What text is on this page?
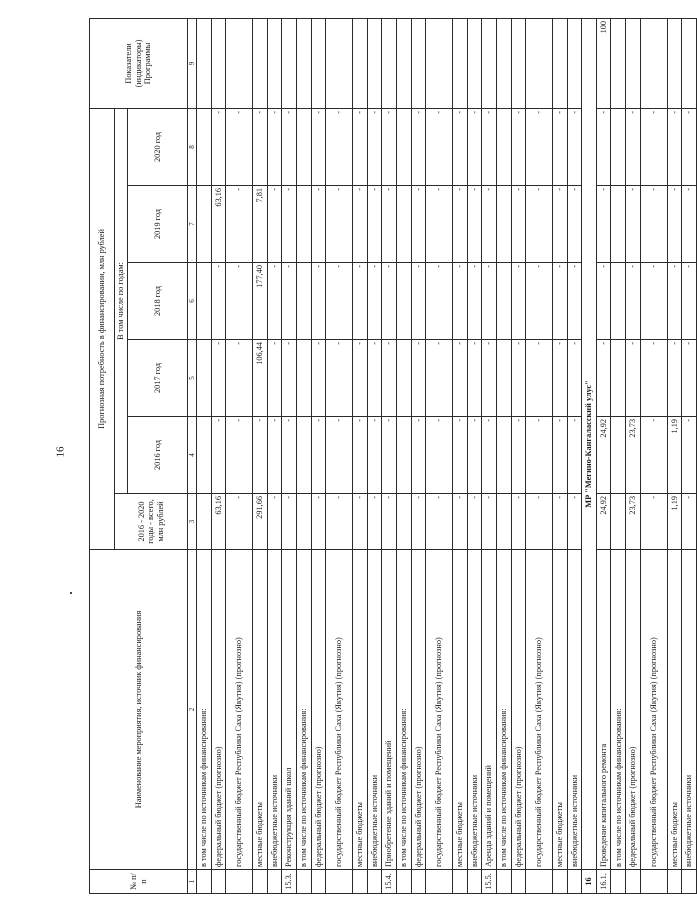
16
№ п/п	Наименование мероприятия, источник финансирования	Прогнозная потребность в финансировании, млн рублей						Показатели (индикаторы) Программы
		2016 - 2020 годы - всего, млн рублей	В том числе по годам:					
			2016 год	2017 год	2018 год	2019 год	2020 год	
1	2	3	4	5	6	7	8	9
	в том числе по источникам финансирования:							
	федеральный бюджет (прогнозно)	63,16	-	-	-	63,16	-	
	государственный бюджет Республики Саха (Якутия) (прогнозно)	-	-	-	-	-	-	
	местные бюджеты	291,66	-	106,44	177,40	7,81	-	
	внебюджетные источники	-	-	-	-	-	-	
15.3.	Реконструкция зданий школ	-	-	-	-	-	-	
	в том числе по источникам финансирования:							
	федеральный бюджет (прогнозно)	-	-	-	-	-	-	
	государственный бюджет Республики Саха (Якутия) (прогнозно)	-	-	-	-	-	-	
	местные бюджеты	-	-	-	-	-	-	
	внебюджетные источники	-	-	-	-	-	-	
15.4.	Приобретение зданий и помещений	-	-	-	-	-	-	
	в том числе по источникам финансирования:							
	федеральный бюджет (прогнозно)	-	-	-	-	-	-	
	государственный бюджет Республики Саха (Якутия) (прогнозно)	-	-	-	-	-	-	
	местные бюджеты	-	-	-	-	-	-	
	внебюджетные источники	-	-	-	-	-	-	
15.5.	Аренда зданий и помещений	-	-	-	-	-	-	
	в том числе по источникам финансирования:							
	федеральный бюджет (прогнозно)	-	-	-	-	-	-	
	государственный бюджет Республики Саха (Якутия) (прогнозно)	-	-	-	-	-	-	
	местные бюджеты	-	-	-	-	-	-	
	внебюджетные источники	-	-	-	-	-	-	
16	МР "Мегино-Кангаласский улус"							
16.1.	Проведение капитального ремонта	24,92	24,92	-	-	-	-	100
	в том числе по источникам финансирования:							
	федеральный бюджет (прогнозно)	23,73	23,73	-	-	-	-	
	государственный бюджет Республики Саха (Якутия) (прогнозно)	-	-	-	-	-	-	
	местные бюджеты	1,19	1,19	-	-	-	-	
	внебюджетные источники	-	-	-	-	-	-	
